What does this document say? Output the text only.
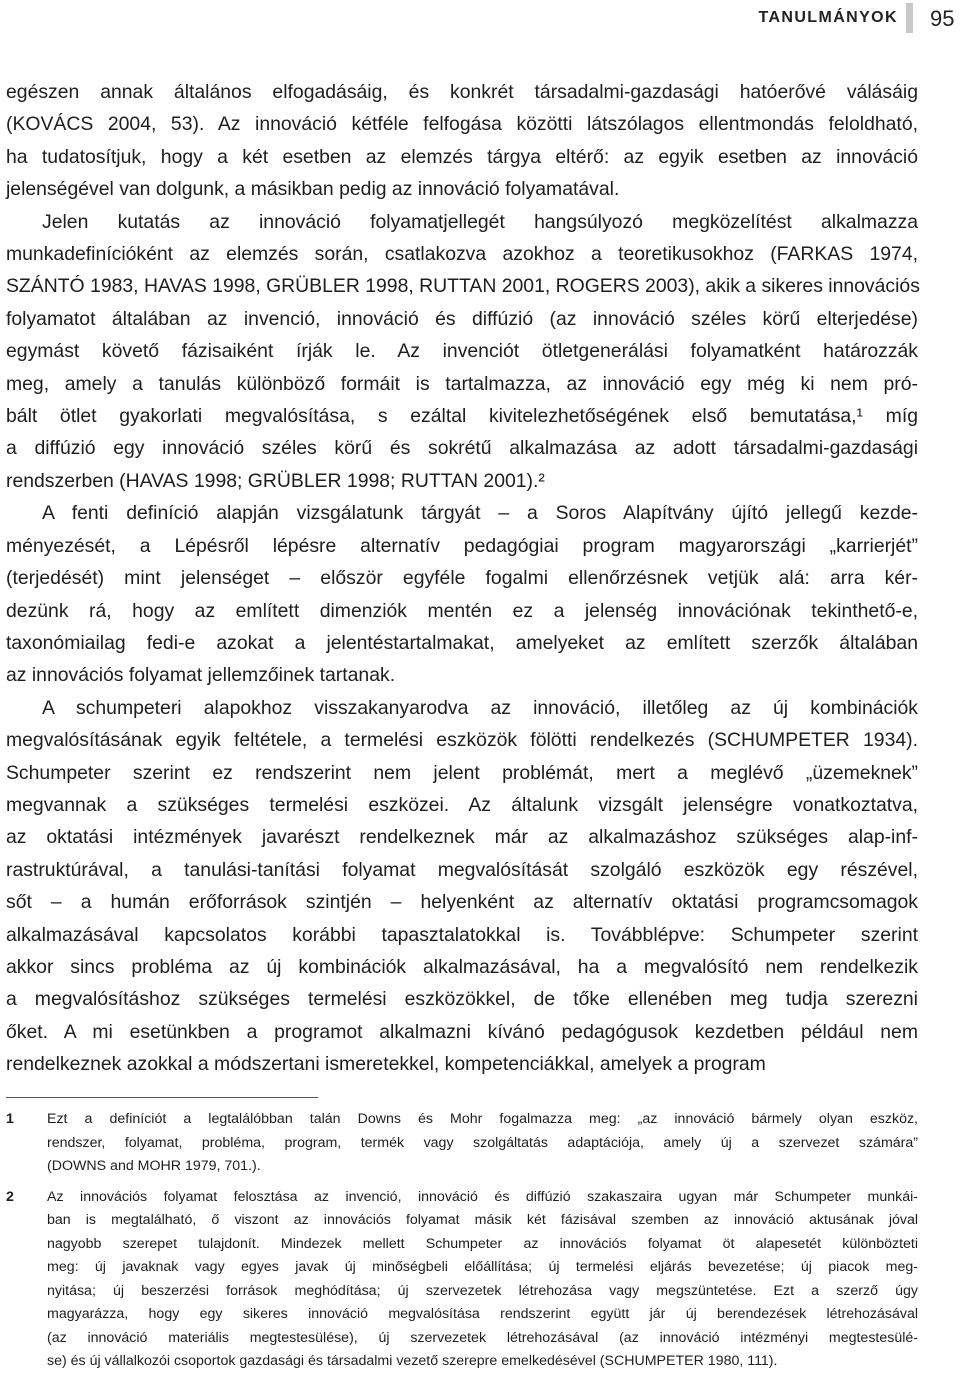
TANULMÁNYOK 95

egészen annak általános elfogadásáig, és konkrét társadalmi-gazdasági hatóerővé válásáig
(KOVÁCS 2004, 53). Az innováció kétféle felfogása közötti látszólagos ellentmondás feloldható,
ha tudatosítjuk, hogy a két esetben az elemzés tárgya eltérő: az egyik esetben az innováció
jelenségével van dolgunk, a másikban pedig az innováció folyamatával.

Jelen kutatás az innováció folyamatjellegét hangsúlyozó megközelítést alkalmazza
munkadefinícióként az elemzés során, csatlakozva azokhoz a teoretikusokhoz (FARKAS 1974,
SZÁNTÓ 1983, HAVAS 1998, GRÜBLER 1998, RUTTAN 2001, ROGERS 2003), akik a sikeres innovációs
folyamatot általában az invenció, innováció és diffúzió (az innováció széles körű elterjedése)
egymást követő fázisaiként írják le. Az invenciót ötletgenerálási folyamatként határozzák
meg, amely a tanulás különböző formáit is tartalmazza, az innováció egy még ki nem pró-
bált ötlet gyakorlati megvalósítása, s ezáltal kivitelezhetőségének első bemutatása,¹ míg
a diffúzió egy innováció széles körű és sokrétű alkalmazása az adott társadalmi-gazdasági
rendszerben (HAVAS 1998; GRÜBLER 1998; RUTTAN 2001).²

A fenti definíció alapján vizsgálatunk tárgyát – a Soros Alapítvány újító jellegű kezde-
ményezését, a Lépésről lépésre alternatív pedagógiai program magyarországi „karrierjét”
(terjedését) mint jelenséget – először egyféle fogalmi ellenőrzésnek vetjük alá: arra kér-
dezünk rá, hogy az említett dimenziók mentén ez a jelenség innovációnak tekinthető-e,
taxonómiailag fedi-e azokat a jelentéstartalmakat, amelyeket az említett szerzők általában
az innovációs folyamat jellemzőinek tartanak.

A schumpeteri alapokhoz visszakanyarodva az innováció, illetőleg az új kombinációk
megvalósításának egyik feltétele, a termelési eszközök fölötti rendelkezés (SCHUMPETER 1934).
Schumpeter szerint ez rendszerint nem jelent problémát, mert a meglévő „üzemeknek”
megvannak a szükséges termelési eszközei. Az általunk vizsgált jelenségre vonatkoztatva,
az oktatási intézmények javarészt rendelkeznek már az alkalmazáshoz szükséges alap-inf-
rastruktúrával, a tanulási-tanítási folyamat megvalósítását szolgáló eszközök egy részével,
sőt – a humán erőforrások szintjén – helyenként az alternatív oktatási programcsomagok
alkalmazásával kapcsolatos korábbi tapasztalatokkal is. Továbblépve: Schumpeter szerint
akkor sincs probléma az új kombinációk alkalmazásával, ha a megvalósító nem rendelkezik
a megvalósításhoz szükséges termelési eszközökkel, de tőke ellenében meg tudja szerezni
őket. A mi esetünkben a programot alkalmazni kívánó pedagógusok kezdetben például nem
rendelkeznek azokkal a módszertani ismeretekkel, kompetenciákkal, amelyek a program

1 Ezt a definíciót a legtalálóbban talán Downs és Mohr fogalmazza meg: „az innováció bármely olyan eszköz,
rendszer, folyamat, probléma, program, termék vagy szolgáltatás adaptációja, amely új a szervezet számára”
(DOWNS and MOHR 1979, 701.).
2 Az innovációs folyamat felosztása az invenció, innováció és diffúzió szakaszaira ugyan már Schumpeter munkái-
ban is megtalálható, ő viszont az innovációs folyamat másik két fázisával szemben az innováció aktusának jóval
nagyobb szerepet tulajdonít. Mindezek mellett Schumpeter az innovációs folyamat öt alapesetét különbözteti
meg: új javaknak vagy egyes javak új minőségbeli előállítása; új termelési eljárás bevezetése; új piacok meg-
nyitása; új beszerzési források meghódítása; új szervezetek létrehozása vagy megszüntetése. Ezt a szerző úgy
magyarázza, hogy egy sikeres innováció megvalósítása rendszerint együtt jár új berendezések létrehozásával
(az innováció materiális megtestesülése), új szervezetek létrehozásával (az innováció intézményi megtestesülé-
se) és új vállalkozói csoportok gazdasági és társadalmi vezető szerepre emelkedésével (SCHUMPETER 1980, 111).
